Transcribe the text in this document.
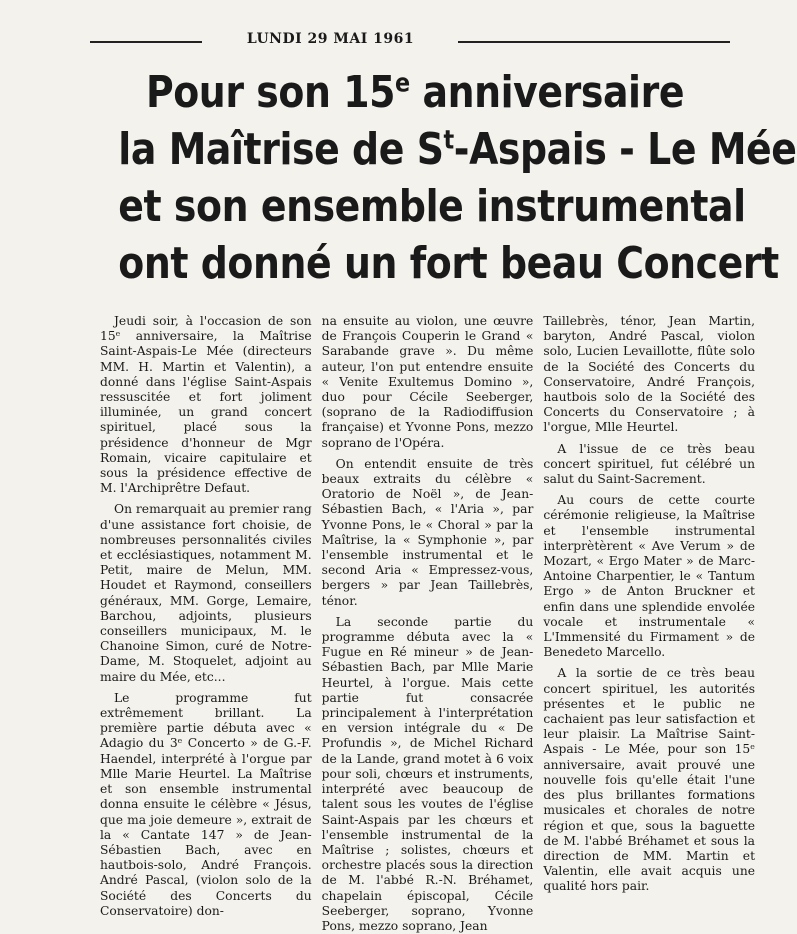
LUNDI 29 MAI 1961
Pour son 15e anniversaire
la Maîtrise de $S^t$-Aspais - Le Mée
et son ensemble instrumental
ont donné un fort beau Concert

Jeudi soir, à l'occasion de son 15ᵉ anniversaire, la Maîtrise Saint-Aspais-Le Mée (directeurs MM. H. Martin et Valentin), a donné dans l'église Saint-Aspais ressuscitée et fort joliment illuminée, un grand concert spirituel, placé sous la présidence d'honneur de Mgr Romain, vicaire capitulaire et sous la présidence effective de M. l'Archiprêtre Defaut.

On remarquait au premier rang d'une assistance fort choisie, de nombreuses personnalités civiles et ecclésiastiques, notamment M. Petit, maire de Melun, MM. Houdet et Raymond, conseillers généraux, MM. Gorge, Lemaire, Barchou, adjoints, plusieurs conseillers municipaux, M. le Chanoine Simon, curé de Notre-Dame, M. Stoquelet, adjoint au maire du Mée, etc...

Le programme fut extrêmement brillant. La première partie débuta avec « Adagio du 3ᵉ Concerto » de G.-F. Haendel, interprété à l'orgue par Mlle Marie Heurtel. La Maîtrise et son ensemble instrumental donna ensuite le célèbre « Jésus, que ma joie demeure », extrait de la « Cantate 147 » de Jean-Sébastien Bach, avec en hautbois-solo, André François. André Pascal, (violon solo de la Société des Concerts du Conservatoire) don-

na ensuite au violon, une œuvre de François Couperin le Grand « Sarabande grave ». Du même auteur, l'on put entendre ensuite « Venite Exultemus Domino », duo pour Cécile Seeberger, (soprano de la Radiodiffusion française) et Yvonne Pons, mezzo soprano de l'Opéra.

On entendit ensuite de très beaux extraits du célèbre « Oratorio de Noël », de Jean-Sébastien Bach, « l'Aria », par Yvonne Pons, le « Choral » par la Maîtrise, la « Symphonie », par l'ensemble instrumental et le second Aria « Empressez-vous, bergers » par Jean Taillebrès, ténor.

La seconde partie du programme débuta avec la « Fugue en Ré mineur » de Jean-Sébastien Bach, par Mlle Marie Heurtel, à l'orgue. Mais cette partie fut consacrée principalement à l'interprétation en version intégrale du « De Profundis », de Michel Richard de la Lande, grand motet à 6 voix pour soli, chœurs et instruments, interprété avec beaucoup de talent sous les voutes de l'église Saint-Aspais par les chœurs et l'ensemble instrumental de la Maîtrise ; solistes, chœurs et orchestre placés sous la direction de M. l'abbé R.-N. Bréhamet, chapelain épiscopal, Cécile Seeberger, soprano, Yvonne Pons, mezzo soprano, Jean

Taillebrès, ténor, Jean Martin, baryton, André Pascal, violon solo, Lucien Levaillotte, flûte solo de la Société des Concerts du Conservatoire, André François, hautbois solo de la Société des Concerts du Conservatoire ; à l'orgue, Mlle Heurtel.

A l'issue de ce très beau concert spirituel, fut célébré un salut du Saint-Sacrement.

Au cours de cette courte cérémonie religieuse, la Maîtrise et l'ensemble instrumental interprètèrent « Ave Verum » de Mozart, « Ergo Mater » de Marc-Antoine Charpentier, le « Tantum Ergo » de Anton Bruckner et enfin dans une splendide envolée vocale et instrumentale « L'Immensité du Firmament » de Benedeto Marcello.

A la sortie de ce très beau concert spirituel, les autorités présentes et le public ne cachaient pas leur satisfaction et leur plaisir. La Maîtrise Saint-Aspais - Le Mée, pour son 15ᵉ anniversaire, avait prouvé une nouvelle fois qu'elle était l'une des plus brillantes formations musicales et chorales de notre région et que, sous la baguette de M. l'abbé Bréhamet et sous la direction de MM. Martin et Valentin, elle avait acquis une qualité hors pair.
